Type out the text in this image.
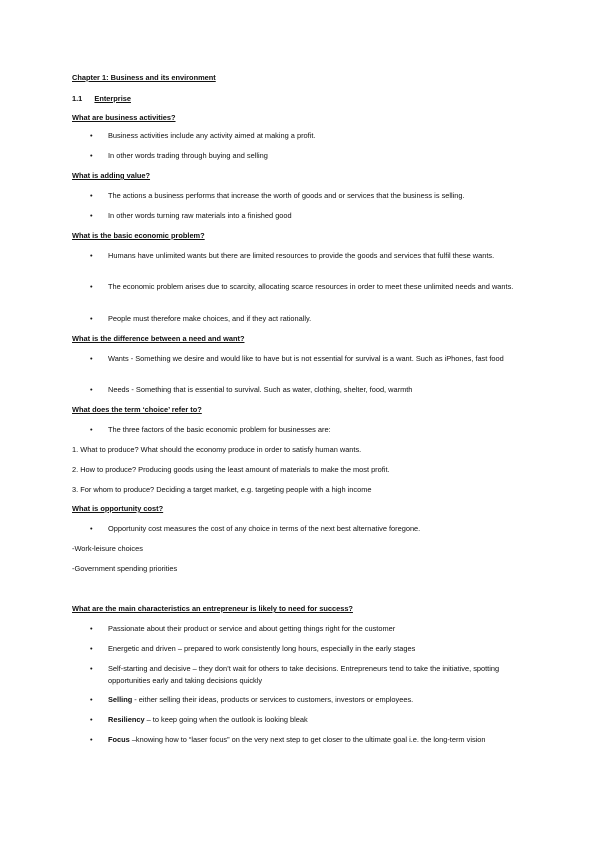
Chapter 1: Business and its environment
1.1 Enterprise
What are business activities?
• Business activities include any activity aimed at making a profit.
• In other words trading through buying and selling
What is adding value?
• The actions a business performs that increase the worth of goods and or services that the business is selling.
• In other words turning raw materials into a finished good
What is the basic economic problem?
• Humans have unlimited wants but there are limited resources to provide the goods and services that fulfil these wants.
• The economic problem arises due to scarcity, allocating scarce resources in order to meet these unlimited needs and wants.
• People must therefore make choices, and if they act rationally.
What is the difference between a need and want?
• Wants - Something we desire and would like to have but is not essential for survival is a want. Such as iPhones, fast food
• Needs - Something that is essential to survival. Such as water, clothing, shelter, food, warmth
What does the term ‘choice’ refer to?
• The three factors of the basic economic problem for businesses are:
1. What to produce? What should the economy produce in order to satisfy human wants.
2. How to produce? Producing goods using the least amount of materials to make the most profit.
3. For whom to produce? Deciding a target market, e.g. targeting people with a high income
What is opportunity cost?
• Opportunity cost measures the cost of any choice in terms of the next best alternative foregone.
-Work-leisure choices
-Government spending priorities
What are the main characteristics an entrepreneur is likely to need for success?
• Passionate about their product or service and about getting things right for the customer
• Energetic and driven – prepared to work consistently long hours, especially in the early stages
• Self-starting and decisive – they don’t wait for others to take decisions. Entrepreneurs tend to take the initiative, spotting opportunities early and taking decisions quickly
• Selling - either selling their ideas, products or services to customers, investors or employees.
• Resiliency – to keep going when the outlook is looking bleak
• Focus –knowing how to “laser focus” on the very next step to get closer to the ultimate goal i.e. the long-term vision
